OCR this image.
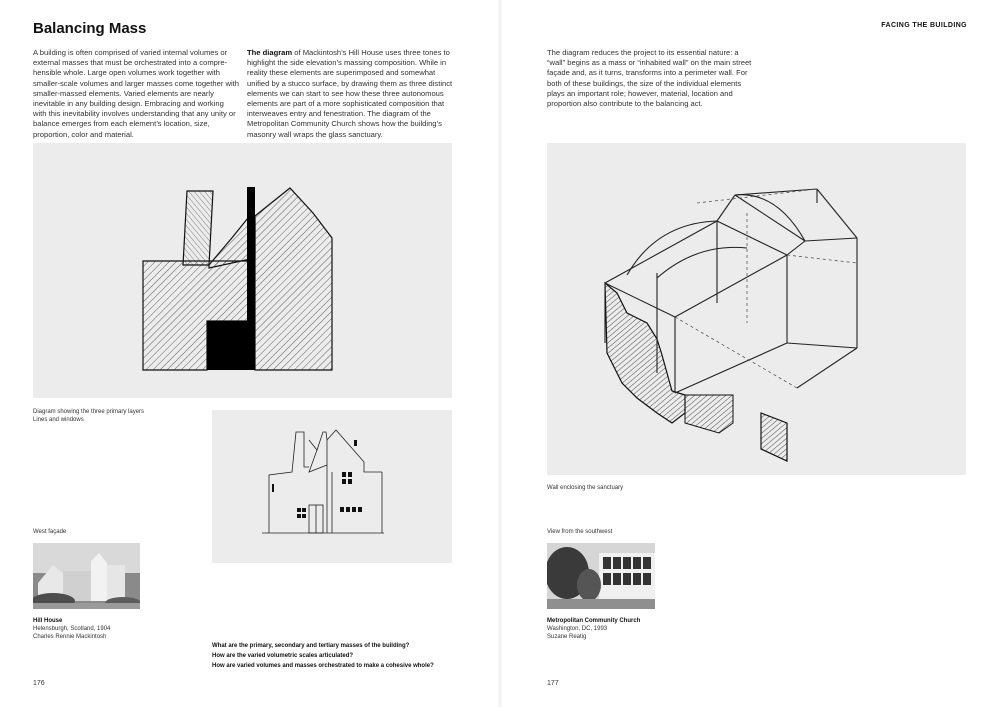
Balancing Mass
A building is often comprised of varied internal volumes or external masses that must be orchestrated into a comprehensible whole. Large open volumes work together with smaller-scale volumes and larger masses come together with smaller-massed elements. Varied elements are nearly inevitable in any building design. Embracing and working with this inevitability involves understanding that any unity or balance emerges from each element’s location, size, proportion, color and material.
The diagram of Mackintosh’s Hill House uses three tones to highlight the side elevation’s massing composition. While in reality these elements are superimposed and somewhat unified by a stucco surface, by drawing them as three distinct elements we can start to see how these three autonomous elements are part of a more sophisticated composition that interweaves entry and fenestration. The diagram of the Metropolitan Community Church shows how the building’s masonry wall wraps the glass sanctuary.
Diagram showing the three primary layers
Lines and windows
West façade
Hill House
Helensburgh, Scotland, 1904
Charles Rennie Mackintosh
What are the primary, secondary and tertiary masses of the building?
How are the varied volumetric scales articulated?
How are varied volumes and masses orchestrated to make a cohesive whole?
176
FACING THE BUILDING
The diagram reduces the project to its essential nature: a “wall” begins as a mass or “inhabited wall” on the main street façade and, as it turns, transforms into a perimeter wall. For both of these buildings, the size of the individual elements plays an important role; however, material, location and proportion also contribute to the balancing act.
Wall enclosing the sanctuary
View from the southwest
Metropolitan Community Church
Washington, DC, 1993
Suzane Reatig
177
